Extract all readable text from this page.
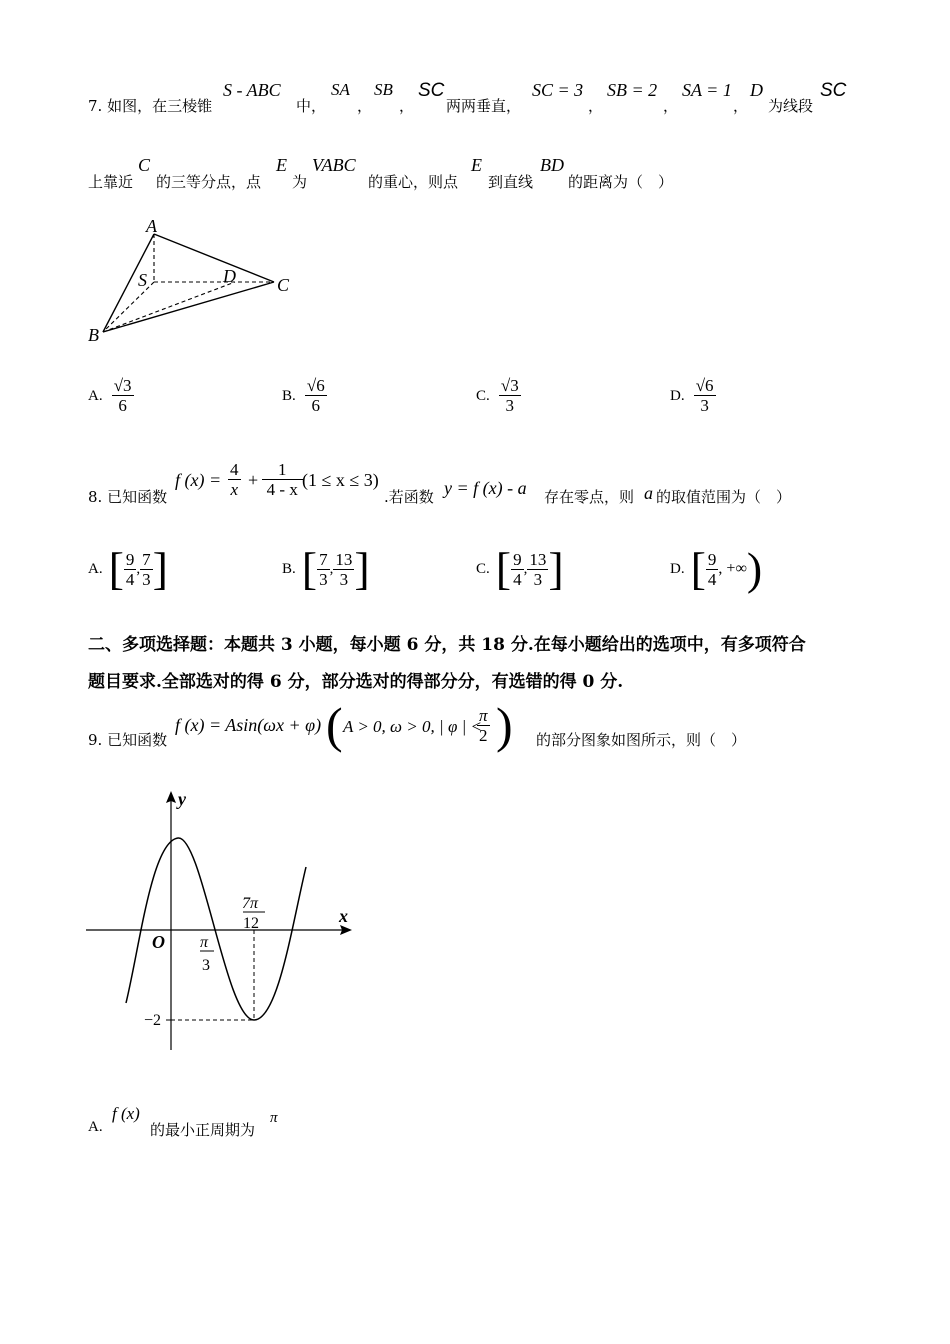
7. 如图，在三棱锥
S - ABC
中，
SA
，
SB
，
SC
两两垂直，
SC = 3
，
SB = 2
，
SA = 1
，
D
为线段
SC
上靠近
C
的三等分点，点
E
为
VABC
的重心，则点
E
到直线
BD
的距离为（　）
A
S	D C
B
A. $\frac{√3}{6}$	B. $\frac{√6}{6}$	C. $\frac{√3}{3}$	D. $\frac{√6}{3}$
8. 已知函数
f $(x) = \frac{4}{x} + \frac{1}{4 - x} (1 \le x \le 3)$
.若函数 y = f (x) - a 存在零点，则 a 的取值范围为（　）
A. [ $\frac{9}{4}$ , $\frac{7}{3}$ ]	B. [ $\frac{7}{3}$ , $\frac{13}{3}$ ]	C. [ $\frac{9}{4}$ , $\frac{13}{3}$ ]	D. [ $\frac{9}{4}$ , +∞ )
二、多项选择题：本题共 3 小题，每小题 6 分，共 18 分.在每小题给出的选项中，有多项符合
题目要求.全部选对的得 6 分，部分选对的得部分分，有选错的得 0 分.
9. 已知函数
f (x) = Asin(ωx + φ) ( A > 0, ω > 0, | φ | <
$\frac{\pi}{2}$ ) 的部分图象如图所示，则（　）
y
x
O π
3
7π
12
−2
A.
f (x)
的最小正周期为
π
